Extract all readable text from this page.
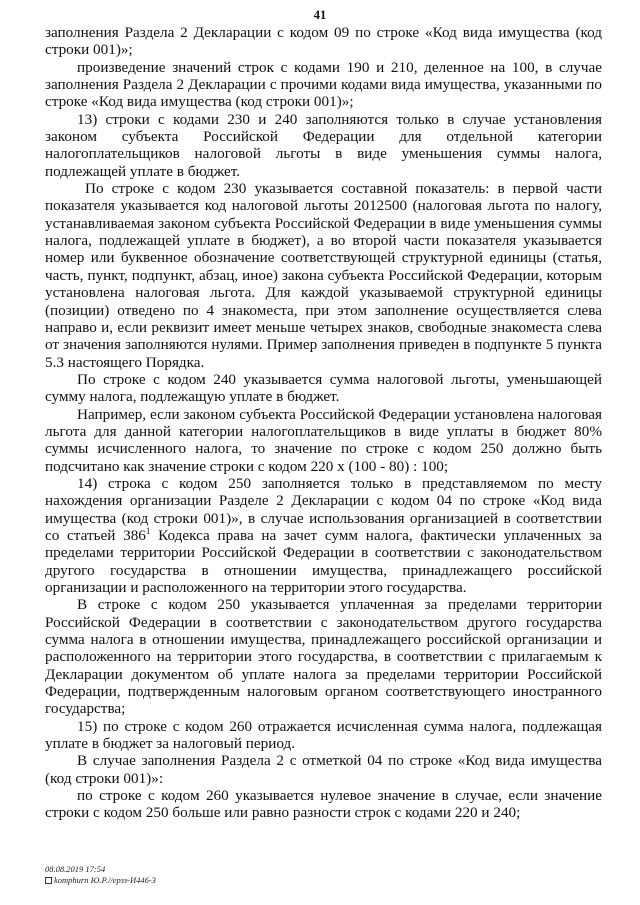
41

заполнения Раздела 2 Декларации с кодом 09 по строке «Код вида имущества (код строки 001)»;

произведение значений строк с кодами 190 и 210, деленное на 100, в случае заполнения Раздела 2 Декларации с прочими кодами вида имущества, указанными по строке «Код вида имущества (код строки 001)»;

13) строки с кодами 230 и 240 заполняются только в случае установления законом субъекта Российской Федерации для отдельной категории налогоплательщиков налоговой льготы в виде уменьшения суммы налога, подлежащей уплате в бюджет.

По строке с кодом 230 указывается составной показатель: в первой части показателя указывается код налоговой льготы 2012500 (налоговая льгота по налогу, устанавливаемая законом субъекта Российской Федерации в виде уменьшения суммы налога, подлежащей уплате в бюджет), а во второй части показателя указывается номер или буквенное обозначение соответствующей структурной единицы (статья, часть, пункт, подпункт, абзац, иное) закона субъекта Российской Федерации, которым установлена налоговая льгота. Для каждой указываемой структурной единицы (позиции) отведено по 4 знакоместа, при этом заполнение осуществляется слева направо и, если реквизит имеет меньше четырех знаков, свободные знакоместа слева от значения заполняются нулями. Пример заполнения приведен в подпункте 5 пункта 5.3 настоящего Порядка.

По строке с кодом 240 указывается сумма налоговой льготы, уменьшающей сумму налога, подлежащую уплате в бюджет.

Например, если законом субъекта Российской Федерации установлена налоговая льгота для данной категории налогоплательщиков в виде уплаты в бюджет 80% суммы исчисленного налога, то значение по строке с кодом 250 должно быть подсчитано как значение строки с кодом 220 x (100 - 80) : 100;

14) строка с кодом 250 заполняется только в представляемом по месту нахождения организации Разделе 2 Декларации с кодом 04 по строке «Код вида имущества (код строки 001)», в случае использования организацией в соответствии со статьей $386^1$ Кодекса права на зачет сумм налога, фактически уплаченных за пределами территории Российской Федерации в соответствии с законодательством другого государства в отношении имущества, принадлежащего российской организации и расположенного на территории этого государства.

В строке с кодом 250 указывается уплаченная за пределами территории Российской Федерации в соответствии с законодательством другого государства сумма налога в отношении имущества, принадлежащего российской организации и расположенного на территории этого государства, в соответствии с прилагаемым к Декларации документом об уплате налога за пределами территории Российской Федерации, подтвержденным налоговым органом соответствующего иностранного государства;

15) по строке с кодом 260 отражается исчисленная сумма налога, подлежащая уплате в бюджет за налоговый период.

В случае заполнения Раздела 2 с отметкой 04 по строке «Код вида имущества (код строки 001)»:

по строке с кодом 260 указывается нулевое значение в случае, если значение строки с кодом 250 больше или равно разности строк с кодами 220 и 240;

08.08.2019 17:54
komphurn Ю.Р.//ерзз-И446-3
